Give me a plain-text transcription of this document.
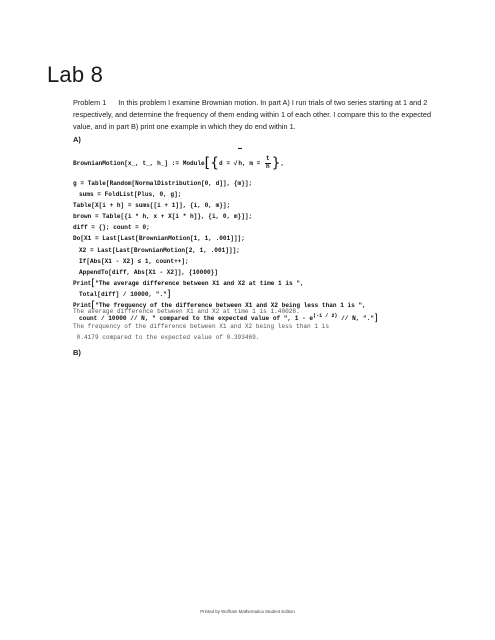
Lab 8
Problem 1 In this problem I examine Brownian motion. In part A) I run trials of two series starting at 1 and 2 respectively, and determine the frequency of them ending within 1 of each other. I compare this to the expected value, and in part B) print one example in which they do end within 1.
A)
BrownianMotion[x_, t_, h_] := Module[{d = √h, $m = \frac{t}{h}$ },
g = Table[Random[NormalDistribution[0, d]], {m}];
sums = FoldList[Plus, 0, g];
Table[X[i + h] = sums[[i + 1]], {i, 0, m}];
brown = Table[{i * h, x + X[i * h]}, {i, 0, m}]];
diff = {}; count = 0;
Do[X1 = Last[Last[BrownianMotion[1, 1, .001]]];
X2 = Last[Last[BrownianMotion[2, 1, .001]]];
If[Abs[X1 - X2] ≤ 1, count++];
AppendTo[diff, Abs[X1 - X2]], {10000}]
Print["The average difference between X1 and X2 at time 1 is ",
Total[diff] / 10000, "."]
Print["The frequency of the difference between X1 and X2 being less than 1 is ",
count / 10000 // N, " compared to the expected value of ", $1 - e^{(-1 / 2)}$ // N, "."]
The average difference between X1 and X2 at time 1 is 1.40028.
The frequency of the difference between X1 and X2 being less than 1 is
0.4179 compared to the expected value of 0.393469.
B)
Printed by Wolfram Mathematica Student Edition
